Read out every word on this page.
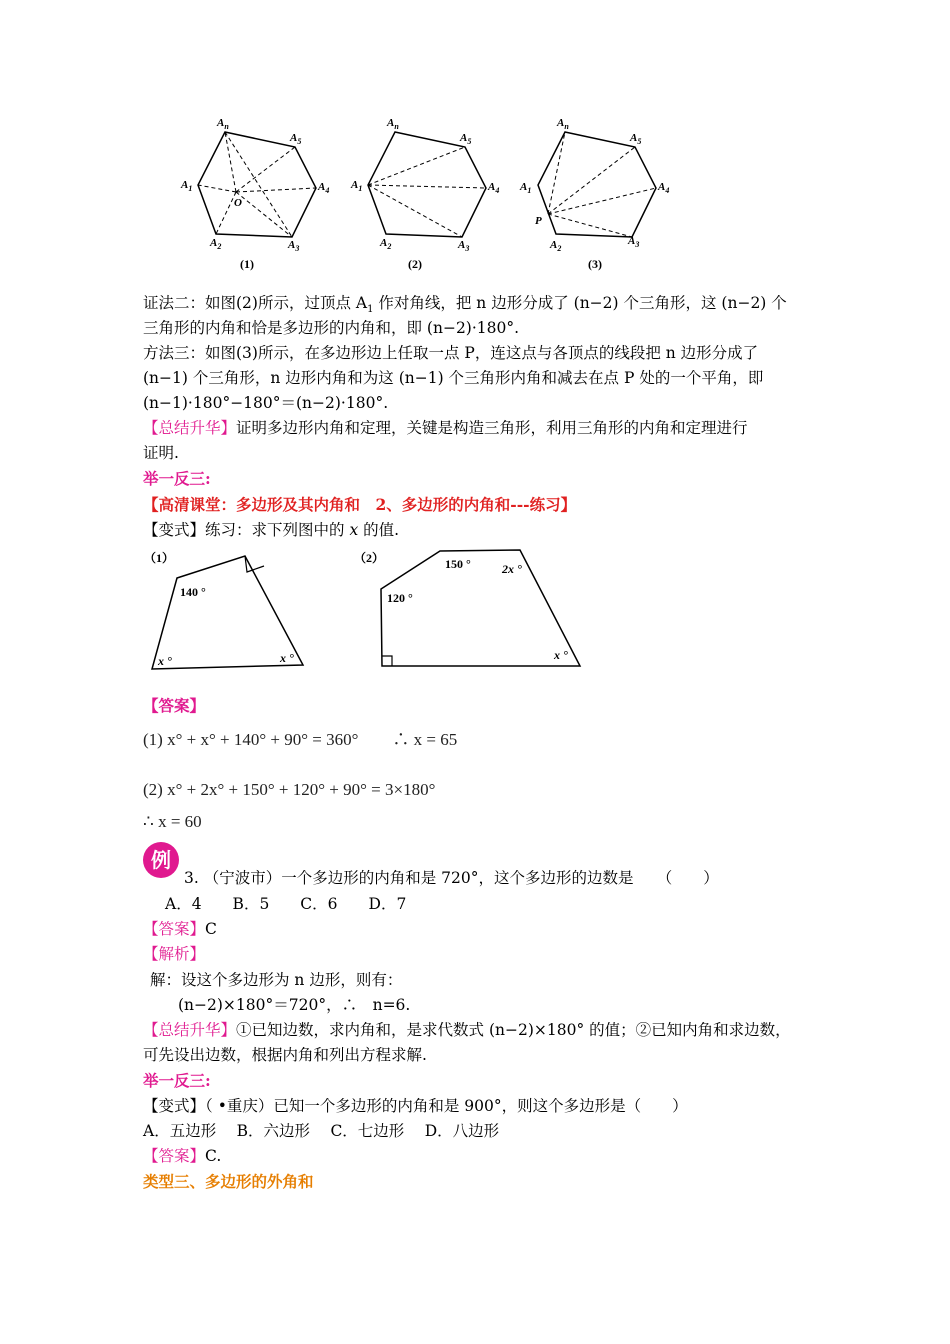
$A_n$
$A_5$
$A_4$
$A_3$
$A_2$
$A_1$
O
(1)
$A_n$
$A_5$
$A_4$
$A_3$
$A_2$
$A_1$
(2)
$A_n$
$A_5$
$A_4$
$A_3$
$A_2$
$A_1$
P
(3)
证法二：如图(2)所示，过顶点 $A_1$ 作对角线，把 n 边形分成了 (n−2) 个三角形，这 (n−2) 个
三角形的内角和恰是多边形的内角和，即 (n−2)·180°.
方法三：如图(3)所示，在多边形边上任取一点 P，连这点与各顶点的线段把 n 边形分成了
(n−1) 个三角形，n 边形内角和为这 (n−1) 个三角形内角和减去在点 P 处的一个平角，即
(n−1)·180°−180°＝(n−2)·180°.
【总结升华】证明多边形内角和定理，关键是构造三角形，利用三角形的内角和定理进行
证明.
举一反三:
【高清课堂：多边形及其内角和　2、多边形的内角和---练习】
【变式】练习：求下列图中的 x 的值.
（1）
140 °
x °	x °
（2）	150 °	2x °
120 °
x °
【答案】
(1) x° + x° + 140° + 90° = 360°　　∴ x = 65
(2) x° + 2x° + 150° + 120° + 90° = 3×180°
∴ x = 60
例
3. （宁波市）一个多边形的内角和是 720°，这个多边形的边数是　　（　　）
A．4　　B．5　　C．6　　D．7
【答案】C
【解析】
解：设这个多边形为 n 边形，则有：
(n−2)×180°＝720°，∴　n=6.
【总结升华】①已知边数，求内角和，是求代数式 (n−2)×180° 的值；②已知内角和求边数，
可先设出边数，根据内角和列出方程求解.
举一反三:
【变式】（ •重庆）已知一个多边形的内角和是 900°，则这个多边形是（　　）
A．五边形　 B．六边形　 C．七边形　 D．八边形
【答案】C.
类型三、多边形的外角和
